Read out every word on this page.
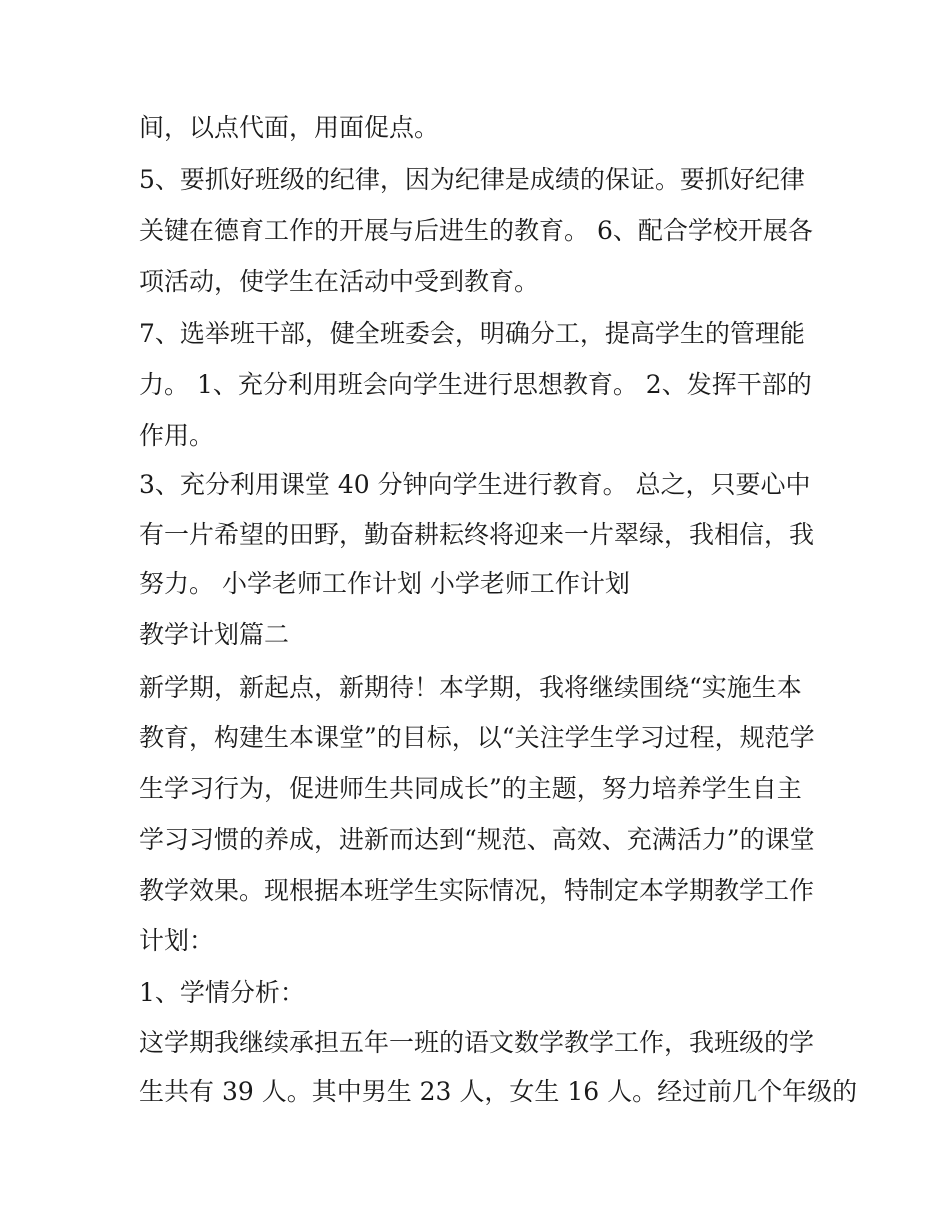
间，以点代面，用面促点。
5、要抓好班级的纪律，因为纪律是成绩的保证。要抓好纪律
关键在德育工作的开展与后进生的教育。 6、配合学校开展各
项活动，使学生在活动中受到教育。
7、选举班干部，健全班委会，明确分工，提高学生的管理能
力。 1、充分利用班会向学生进行思想教育。 2、发挥干部的
作用。
3、充分利用课堂 40 分钟向学生进行教育。 总之，只要心中
有一片希望的田野，勤奋耕耘终将迎来一片翠绿，我相信，我
努力。 小学老师工作计划 小学老师工作计划
教学计划篇二
新学期，新起点，新期待！本学期，我将继续围绕“实施生本
教育，构建生本课堂”的目标，以“关注学生学习过程，规范学
生学习行为，促进师生共同成长”的主题，努力培养学生自主
学习习惯的养成，进新而达到“规范、高效、充满活力”的课堂
教学效果。现根据本班学生实际情况，特制定本学期教学工作
计划：
1、学情分析：
这学期我继续承担五年一班的语文数学教学工作，我班级的学
生共有 39 人。其中男生 23 人，女生 16 人。经过前几个年级的
